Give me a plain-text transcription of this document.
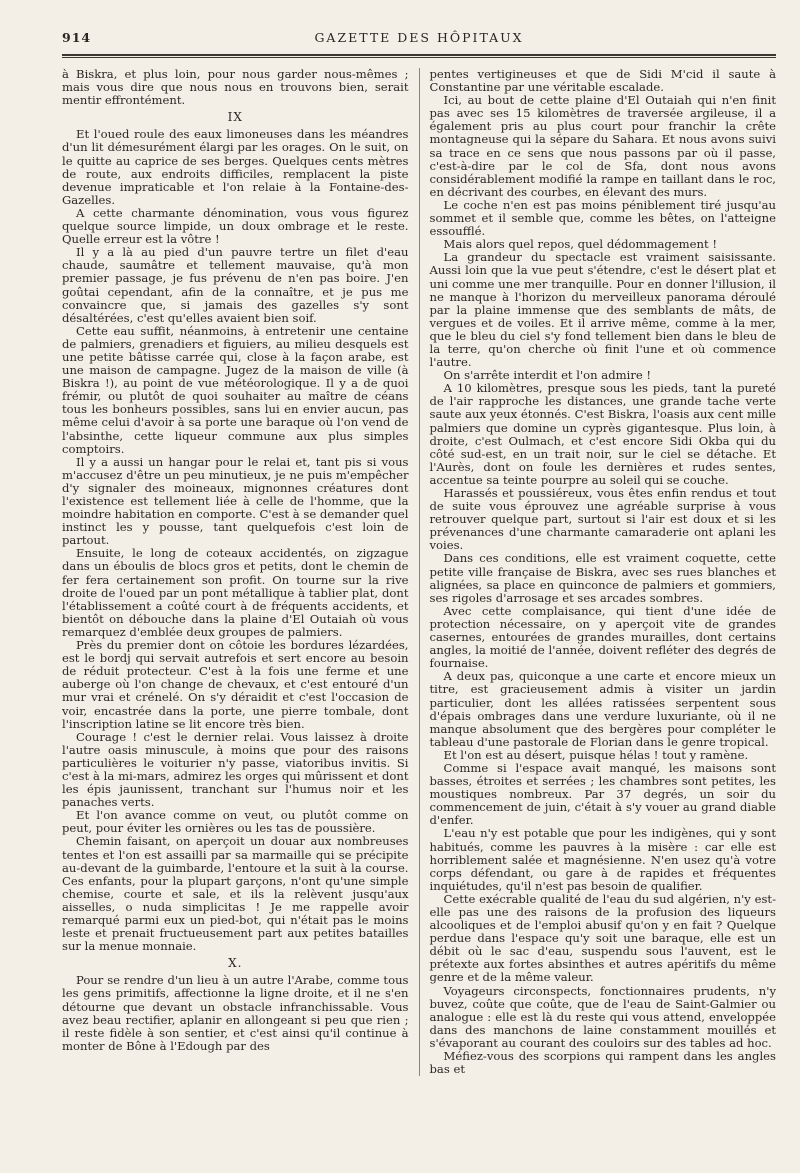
914	GAZETTE DES HÔPITAUX

à Biskra, et plus loin, pour nous garder nous-mêmes ; mais vous dire que nous nous en trouvons bien, serait mentir effrontément.

IX

Et l'oued roule des eaux limoneuses dans les méandres d'un lit démesurément élargi par les orages. On le suit, on le quitte au caprice de ses berges. Quelques cents mètres de route, aux endroits difficiles, remplacent la piste devenue impraticable et l'on relaie à la Fontaine-des-Gazelles.

A cette charmante dénomination, vous vous figurez quelque source limpide, un doux ombrage et le reste. Quelle erreur est la vôtre !

Il y a là au pied d'un pauvre tertre un filet d'eau chaude, saumâtre et tellement mauvaise, qu'à mon premier passage, je fus prévenu de n'en pas boire. J'en goûtai cependant, afin de la connaître, et je pus me convaincre que, si jamais des gazelles s'y sont désaltérées, c'est qu'elles avaient bien soif.

Cette eau suffit, néanmoins, à entretenir une centaine de palmiers, grenadiers et figuiers, au milieu desquels est une petite bâtisse carrée qui, close à la façon arabe, est une maison de campagne. Jugez de la maison de ville (à Biskra !), au point de vue météorologique. Il y a de quoi frémir, ou plutôt de quoi souhaiter au maître de céans tous les bonheurs possibles, sans lui en envier aucun, pas même celui d'avoir à sa porte une baraque où l'on vend de l'absinthe, cette liqueur commune aux plus simples comptoirs.

Il y a aussi un hangar pour le relai et, tant pis si vous m'accusez d'être un peu minutieux, je ne puis m'empêcher d'y signaler des moineaux, mignonnes créatures dont l'existence est tellement liée à celle de l'homme, que la moindre habitation en comporte. C'est à se demander quel instinct les y pousse, tant quelquefois c'est loin de partout.

Ensuite, le long de coteaux accidentés, on zigzague dans un éboulis de blocs gros et petits, dont le chemin de fer fera certainement son profit. On tourne sur la rive droite de l'oued par un pont métallique à tablier plat, dont l'établissement a coûté court à de fréquents accidents, et bientôt on débouche dans la plaine d'El Outaiah où vous remarquez d'emblée deux groupes de palmiers.

Près du premier dont on côtoie les bordures lézardées, est le bordj qui servait autrefois et sert encore au besoin de réduit protecteur. C'est à la fois une ferme et une auberge où l'on change de chevaux, et c'est entouré d'un mur vrai et crénelé. On s'y déraidit et c'est l'occasion de voir, encastrée dans la porte, une pierre tombale, dont l'inscription latine se lit encore très bien.

Courage ! c'est le dernier relai. Vous laissez à droite l'autre oasis minuscule, à moins que pour des raisons particulières le voiturier n'y passe, viatoribus invitis. Si c'est à la mi-mars, admirez les orges qui mûrissent et dont les épis jaunissent, tranchant sur l'humus noir et les panaches verts.

Et l'on avance comme on veut, ou plutôt comme on peut, pour éviter les ornières ou les tas de poussière.

Chemin faisant, on aperçoit un douar aux nombreuses tentes et l'on est assailli par sa marmaille qui se précipite au-devant de la guimbarde, l'entoure et la suit à la course. Ces enfants, pour la plupart garçons, n'ont qu'une simple chemise, courte et sale, et ils la relèvent jusqu'aux aisselles, o nuda simplicitas ! Je me rappelle avoir remarqué parmi eux un pied-bot, qui n'était pas le moins leste et prenait fructueusement part aux petites batailles sur la menue monnaie.

X.

Pour se rendre d'un lieu à un autre l'Arabe, comme tous les gens primitifs, affectionne la ligne droite, et il ne s'en détourne que devant un obstacle infranchissable. Vous avez beau rectifier, aplanir en allongeant si peu que rien ; il reste fidèle à son sentier, et c'est ainsi qu'il continue à monter de Bône à l'Edough par des

pentes vertigineuses et que de Sidi M'cid il saute à Constantine par une véritable escalade.

Ici, au bout de cette plaine d'El Outaiah qui n'en finit pas avec ses 15 kilomètres de traversée argileuse, il a également pris au plus court pour franchir la crête montagneuse qui la sépare du Sahara. Et nous avons suivi sa trace en ce sens que nous passons par où il passe, c'est-à-dire par le col de Sfa, dont nous avons considérablement modifié la rampe en taillant dans le roc, en décrivant des courbes, en élevant des murs.

Le coche n'en est pas moins péniblement tiré jusqu'au sommet et il semble que, comme les bêtes, on l'atteigne essoufflé.

Mais alors quel repos, quel dédommagement !

La grandeur du spectacle est vraiment saisissante. Aussi loin que la vue peut s'étendre, c'est le désert plat et uni comme une mer tranquille. Pour en donner l'illusion, il ne manque à l'horizon du merveilleux panorama déroulé par la plaine immense que des semblants de mâts, de vergues et de voiles. Et il arrive même, comme à la mer, que le bleu du ciel s'y fond tellement bien dans le bleu de la terre, qu'on cherche où finit l'une et où commence l'autre.

On s'arrête interdit et l'on admire !

A 10 kilomètres, presque sous les pieds, tant la pureté de l'air rapproche les distances, une grande tache verte saute aux yeux étonnés. C'est Biskra, l'oasis aux cent mille palmiers que domine un cyprès gigantesque. Plus loin, à droite, c'est Oulmach, et c'est encore Sidi Okba qui du côté sud-est, en un trait noir, sur le ciel se détache. Et l'Aurès, dont on foule les dernières et rudes sentes, accentue sa teinte pourpre au soleil qui se couche.

Harassés et poussiéreux, vous êtes enfin rendus et tout de suite vous éprouvez une agréable surprise à vous retrouver quelque part, surtout si l'air est doux et si les prévenances d'une charmante camaraderie ont aplani les voies.

Dans ces conditions, elle est vraiment coquette, cette petite ville française de Biskra, avec ses rues blanches et alignées, sa place en quinconce de palmiers et gommiers, ses rigoles d'arrosage et ses arcades sombres.

Avec cette complaisance, qui tient d'une idée de protection nécessaire, on y aperçoit vite de grandes casernes, entourées de grandes murailles, dont certains angles, la moitié de l'année, doivent refléter des degrés de fournaise.

A deux pas, quiconque a une carte et encore mieux un titre, est gracieusement admis à visiter un jardin particulier, dont les allées ratissées serpentent sous d'épais ombrages dans une verdure luxuriante, où il ne manque absolument que des bergères pour compléter le tableau d'une pastorale de Florian dans le genre tropical.

Et l'on est au désert, puisque hélas ! tout y ramène.

Comme si l'espace avait manqué, les maisons sont basses, étroites et serrées ; les chambres sont petites, les moustiques nombreux. Par 37 degrés, un soir du commencement de juin, c'était à s'y vouer au grand diable d'enfer.

L'eau n'y est potable que pour les indigènes, qui y sont habitués, comme les pauvres à la misère : car elle est horriblement salée et magnésienne. N'en usez qu'à votre corps défendant, ou gare à de rapides et fréquentes inquiétudes, qu'il n'est pas besoin de qualifier.

Cette exécrable qualité de l'eau du sud algérien, n'y est-elle pas une des raisons de la profusion des liqueurs alcooliques et de l'emploi abusif qu'on y en fait ? Quelque perdue dans l'espace qu'y soit une baraque, elle est un débit où le sac d'eau, suspendu sous l'auvent, est le prétexte aux fortes absinthes et autres apéritifs du même genre et de la même valeur.

Voyageurs circonspects, fonctionnaires prudents, n'y buvez, coûte que coûte, que de l'eau de Saint-Galmier ou analogue : elle est là du reste qui vous attend, enveloppée dans des manchons de laine constamment mouillés et s'évaporant au courant des couloirs sur des tables ad hoc.

Méfiez-vous des scorpions qui rampent dans les angles bas et
